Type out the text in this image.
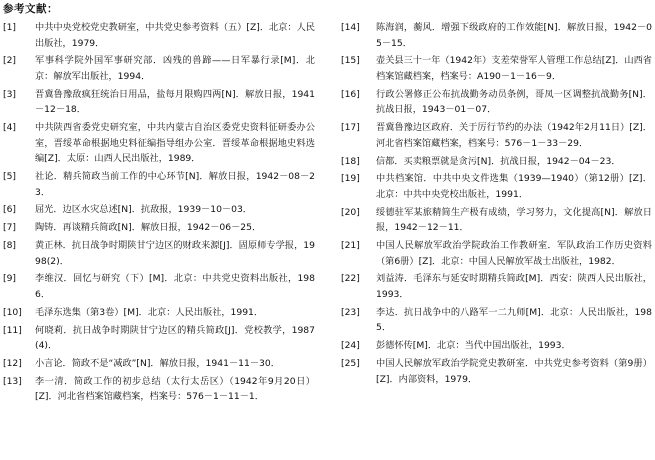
参考文献：
[1]	中共中央党校党史教研室，中共党史参考资料（五）[Z]．北京：人民出版社，1979．
[2]	军事科学院外国军事研究部．凶残的兽蹄——日军暴行录[M]．北京：解放军出版社，1994．
[3]	晋冀鲁豫敌疯狂统治日用品，盐每月限购四两[N]．解放日报，1941－12－18．
[4]	中共陕西省委党史研究室，中共内蒙古自治区委党史资料征研委办公室，晋绥革命根据地史料征编指导组办公室．晋绥革命根据地史料选编[Z]．太原：山西人民出版社，1989．
[5]	社论．精兵简政当前工作的中心环节[N]．解放日报，1942－08－23．
[6]	屈光．边区水灾总述[N]．抗敌报，1939－10－03．
[7]	陶铸．再谈精兵简政[N]．解放日报，1942－06－25．
[8]	黄正林．抗日战争时期陕甘宁边区的财政来源[J]．固原师专学报，1998(2)．
[9]	李维汉．回忆与研究（下）[M]．北京：中共党史资料出版社，1986．
[10]	毛泽东选集（第3卷）[M]．北京：人民出版社，1991．
[11]	何晓莉．抗日战争时期陕甘宁边区的精兵简政[J]．党校教学，1987(4)．
[12]	小言论．简政不是“减政”[N]．解放日报，1941－11－30．
[13]	李一清．简政工作的初步总结（太行太岳区）（1942年9月20日）[Z]．河北省档案馆藏档案，档案号：576－1－11－1．
[14]	陈海润，蘅风．增强下级政府的工作效能[N]．解放日报，1942－05－15．
[15]	壶关县三十一年（1942年）支差荣誉军人管理工作总结[Z]．山西省档案馆藏档案，档案号：A190－1－16－9．
[16]	行政公署修正公布抗战勤务动员条例，哥凤一区调整抗战勤务[N]．抗战日报，1943－01－07．
[17]	晋冀鲁豫边区政府．关于厉行节约的办法（1942年2月11日）[Z]．河北省档案馆藏档案，档案号：576－1－33－29．
[18]	信都．买卖粮票就是贪污[N]．抗战日报，1942－04－23．
[19]	中共档案馆．中共中央文件选集（1939—1940）（第12册）[Z]．北京：中共中央党校出版社，1991．
[20]	绥德驻军某旅精简生产极有成绩，学习努力，文化提高[N]．解放日报，1942－12－11．
[21]	中国人民解放军政治学院政治工作教研室．军队政治工作历史资料（第6册）[Z]．北京：中国人民解放军战士出版社，1982．
[22]	刘益涛．毛泽东与延安时期精兵简政[M]．西安：陕西人民出版社，1993．
[23]	李达．抗日战争中的八路军一二九师[M]．北京：人民出版社，1985．
[24]	彭德怀传[M]．北京：当代中国出版社，1993．
[25]	中国人民解放军政治学院党史教研室．中共党史参考资料（第9册）[Z]．内部资料，1979．
